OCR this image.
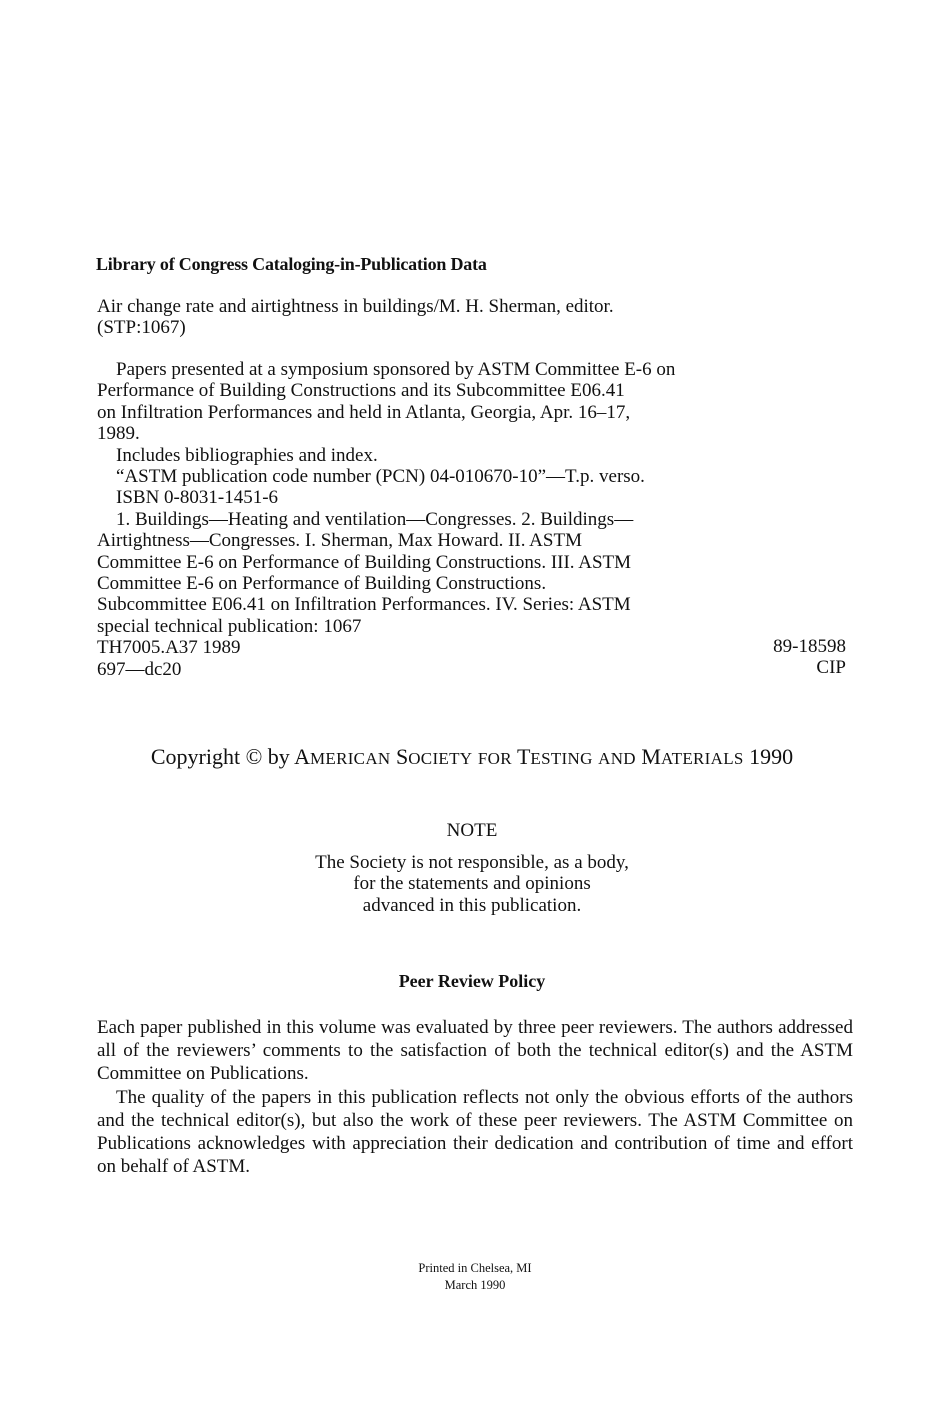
Library of Congress Cataloging-in-Publication Data
Air change rate and airtightness in buildings/M. H. Sherman, editor.
(STP:1067)
Papers presented at a symposium sponsored by ASTM Committee E-6 on
Performance of Building Constructions and its Subcommittee E06.41
on Infiltration Performances and held in Atlanta, Georgia, Apr. 16–17,
1989.
Includes bibliographies and index.
“ASTM publication code number (PCN) 04-010670-10”—T.p. verso.
ISBN 0-8031-1451-6
1. Buildings—Heating and ventilation—Congresses. 2. Buildings—
Airtightness—Congresses. I. Sherman, Max Howard. II. ASTM
Committee E-6 on Performance of Building Constructions. III. ASTM
Committee E-6 on Performance of Building Constructions.
Subcommittee E06.41 on Infiltration Performances. IV. Series: ASTM
special technical publication: 1067
TH7005.A37 1989
697—dc20
89-18598
CIP
Copyright © by AMERICAN SOCIETY FOR TESTING AND MATERIALS 1990
NOTE
The Society is not responsible, as a body,
for the statements and opinions
advanced in this publication.
Peer Review Policy

Each paper published in this volume was evaluated by three peer reviewers. The authors addressed all of the reviewers’ comments to the satisfaction of both the technical editor(s) and the ASTM Committee on Publications.

The quality of the papers in this publication reflects not only the obvious efforts of the authors and the technical editor(s), but also the work of these peer reviewers. The ASTM Committee on Publications acknowledges with appreciation their dedication and contribution of time and effort on behalf of ASTM.

Printed in Chelsea, MI
March 1990
